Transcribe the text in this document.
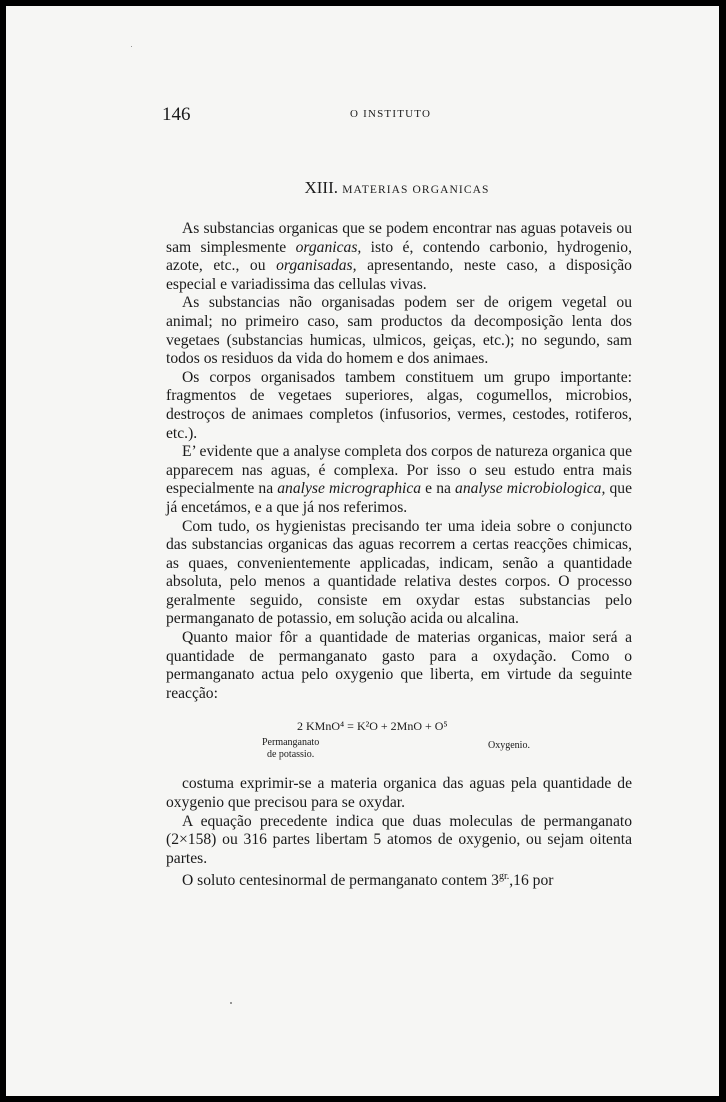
146	O INSTITUTO
XIII. MATERIAS ORGANICAS

As substancias organicas que se podem encontrar nas aguas potaveis ou sam simplesmente organicas, isto é, contendo carbonio, hydrogenio, azote, etc., ou organisadas, apresentando, neste caso, a disposição especial e variadissima das cellulas vivas.

As substancias não organisadas podem ser de origem vegetal ou animal; no primeiro caso, sam productos da decomposição lenta dos vegetaes (substancias humicas, ulmicos, geiças, etc.); no segundo, sam todos os residuos da vida do homem e dos animaes.

Os corpos organisados tambem constituem um grupo importante: fragmentos de vegetaes superiores, algas, cogumellos, microbios, destroços de animaes completos (infusorios, vermes, cestodes, rotiferos, etc.).

E’ evidente que a analyse completa dos corpos de natureza organica que apparecem nas aguas, é complexa. Por isso o seu estudo entra mais especialmente na analyse micrographica e na analyse microbiologica, que já encetámos, e a que já nos referimos.

Com tudo, os hygienistas precisando ter uma ideia sobre o conjuncto das substancias organicas das aguas recorrem a certas reacções chimicas, as quaes, convenientemente applicadas, indicam, senão a quantidade absoluta, pelo menos a quantidade relativa destes corpos. O processo geralmente seguido, consiste em oxydar estas substancias pelo permanganato de potassio, em solução acida ou alcalina.

Quanto maior fôr a quantidade de materias organicas, maior será a quantidade de permanganato gasto para a oxydação. Como o permanganato actua pelo oxygenio que liberta, em virtude da seguinte reacção:

2 KMnO⁴ = K²O + 2MnO + O⁵
Permanganato
de potassio.
Oxygenio.

costuma exprimir-se a materia organica das aguas pela quantidade de oxygenio que precisou para se oxydar.

A equação precedente indica que duas moleculas de permanganato (2×158) ou 316 partes libertam 5 atomos de oxygenio, ou sejam oitenta partes.

O soluto centesinormal de permanganato contem $3^{gr.},16$ por
